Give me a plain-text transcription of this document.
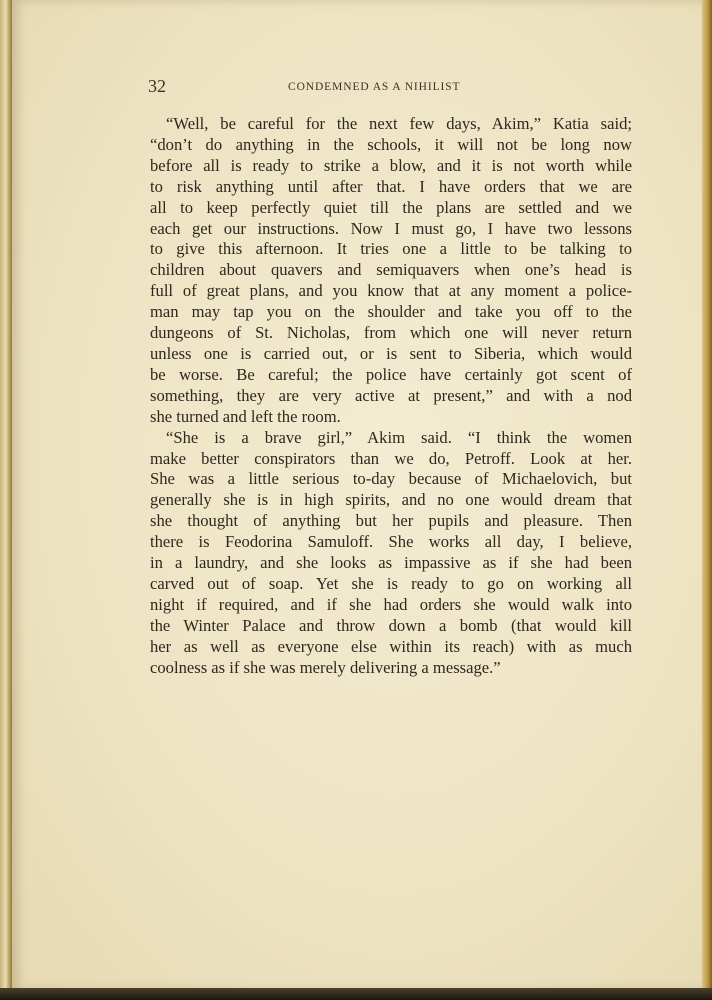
32	CONDEMNED AS A NIHILIST
“Well, be careful for the next few days, Akim,” Katia said;
“don’t do anything in the schools, it will not be long now
before all is ready to strike a blow, and it is not worth while
to risk anything until after that. I have orders that we are
all to keep perfectly quiet till the plans are settled and we
each get our instructions. Now I must go, I have two lessons
to give this afternoon. It tries one a little to be talking to
children about quavers and semiquavers when one’s head is
full of great plans, and you know that at any moment a police-
man may tap you on the shoulder and take you off to the
dungeons of St. Nicholas, from which one will never return
unless one is carried out, or is sent to Siberia, which would
be worse. Be careful; the police have certainly got scent of
something, they are very active at present,” and with a nod
she turned and left the room.
“She is a brave girl,” Akim said. “I think the women
make better conspirators than we do, Petroff. Look at her.
She was a little serious to-day because of Michaelovich, but
generally she is in high spirits, and no one would dream that
she thought of anything but her pupils and pleasure. Then
there is Feodorina Samuloff. She works all day, I believe,
in a laundry, and she looks as impassive as if she had been
carved out of soap. Yet she is ready to go on working all
night if required, and if she had orders she would walk into
the Winter Palace and throw down a bomb (that would kill
her as well as everyone else within its reach) with as much
coolness as if she was merely delivering a message.”
